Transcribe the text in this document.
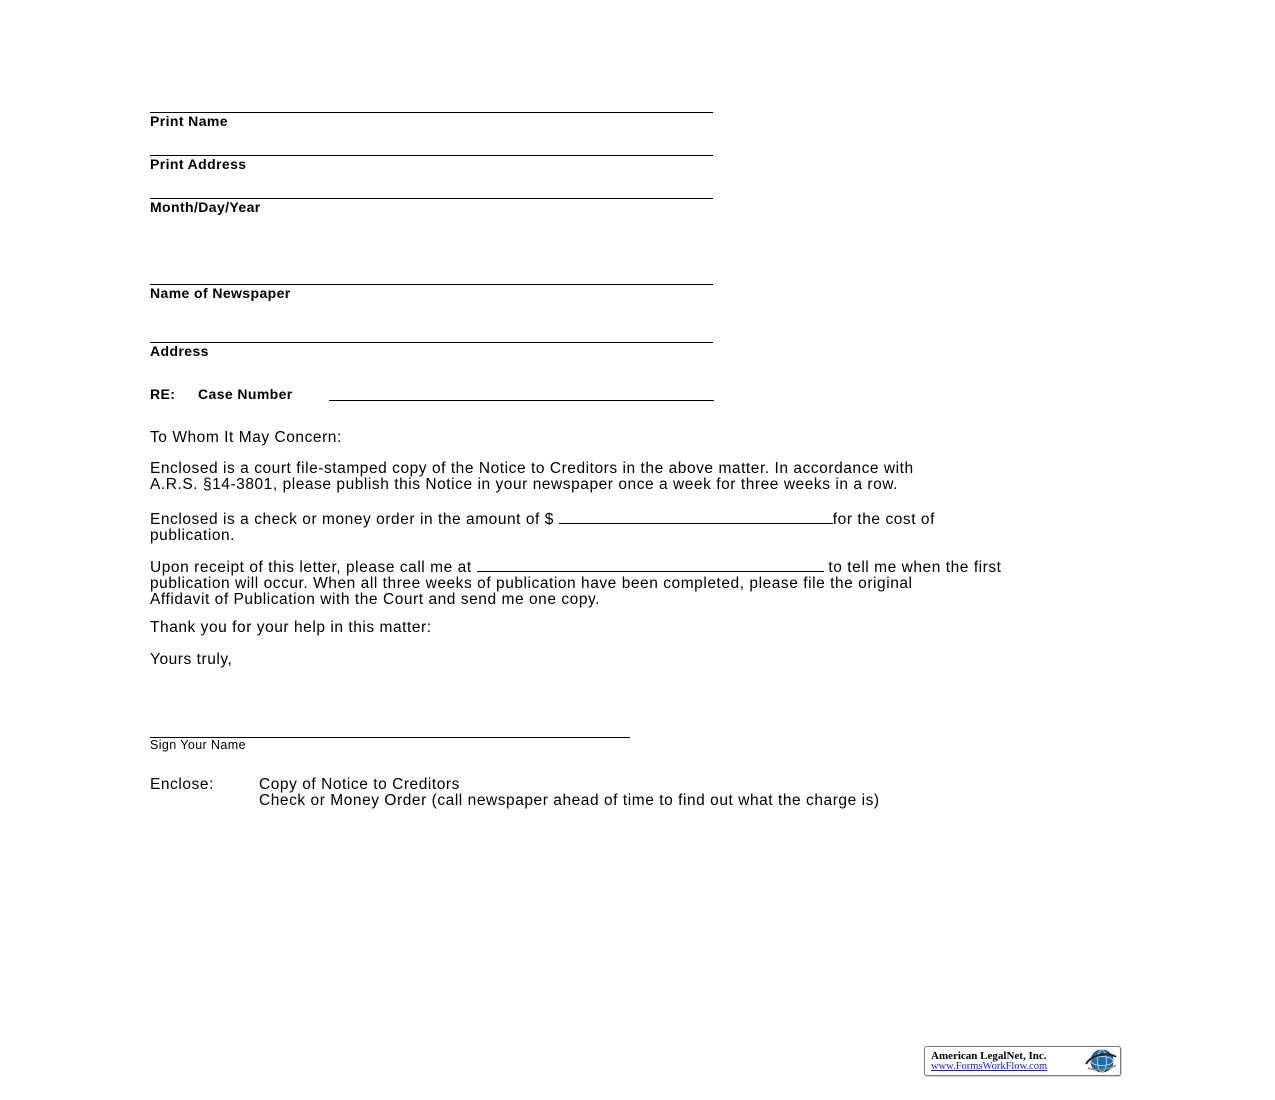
Print Name
Print Address
Month/Day/Year
Name of Newspaper
Address
RE: Case Number
To Whom It May Concern:
Enclosed is a court file-stamped copy of the Notice to Creditors in the above matter. In accordance with
A.R.S. §14-3801, please publish this Notice in your newspaper once a week for three weeks in a row.
Enclosed is a check or money order in the amount of $	for the cost of
publication.
Upon receipt of this letter, please call me at	to tell me when the first
publication will occur. When all three weeks of publication have been completed, please file the original
Affidavit of Publication with the Court and send me one copy.
Thank you for your help in this matter:
Yours truly,
Sign Your Name
Enclose:	Copy of Notice to Creditors
Check or Money Order (call newspaper ahead of time to find out what the charge is)
American LegalNet, Inc.
www.FormsWorkFlow.com
